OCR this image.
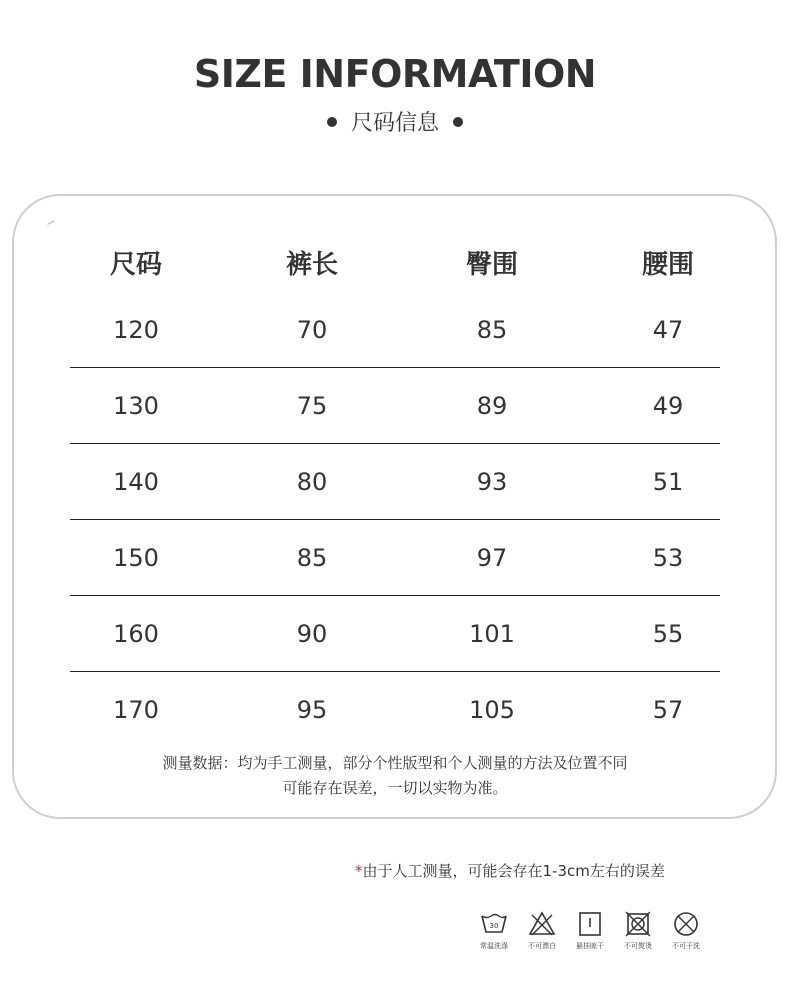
SIZE INFORMATION
尺码信息
尺码	裤长	臀围	腰围
120	70	85	47
130	75	89	49
140	80	93	51
150	85	97	53
160	90	101	55
170	95	105	57
测量数据：均为手工测量，部分个性版型和个人测量的方法及位置不同
可能存在误差，一切以实物为准。
*由于人工测量，可能会存在1-3cm左右的误差
30
常温洗涤	不可漂白	悬挂晾干	不可熨烫	不可干洗
